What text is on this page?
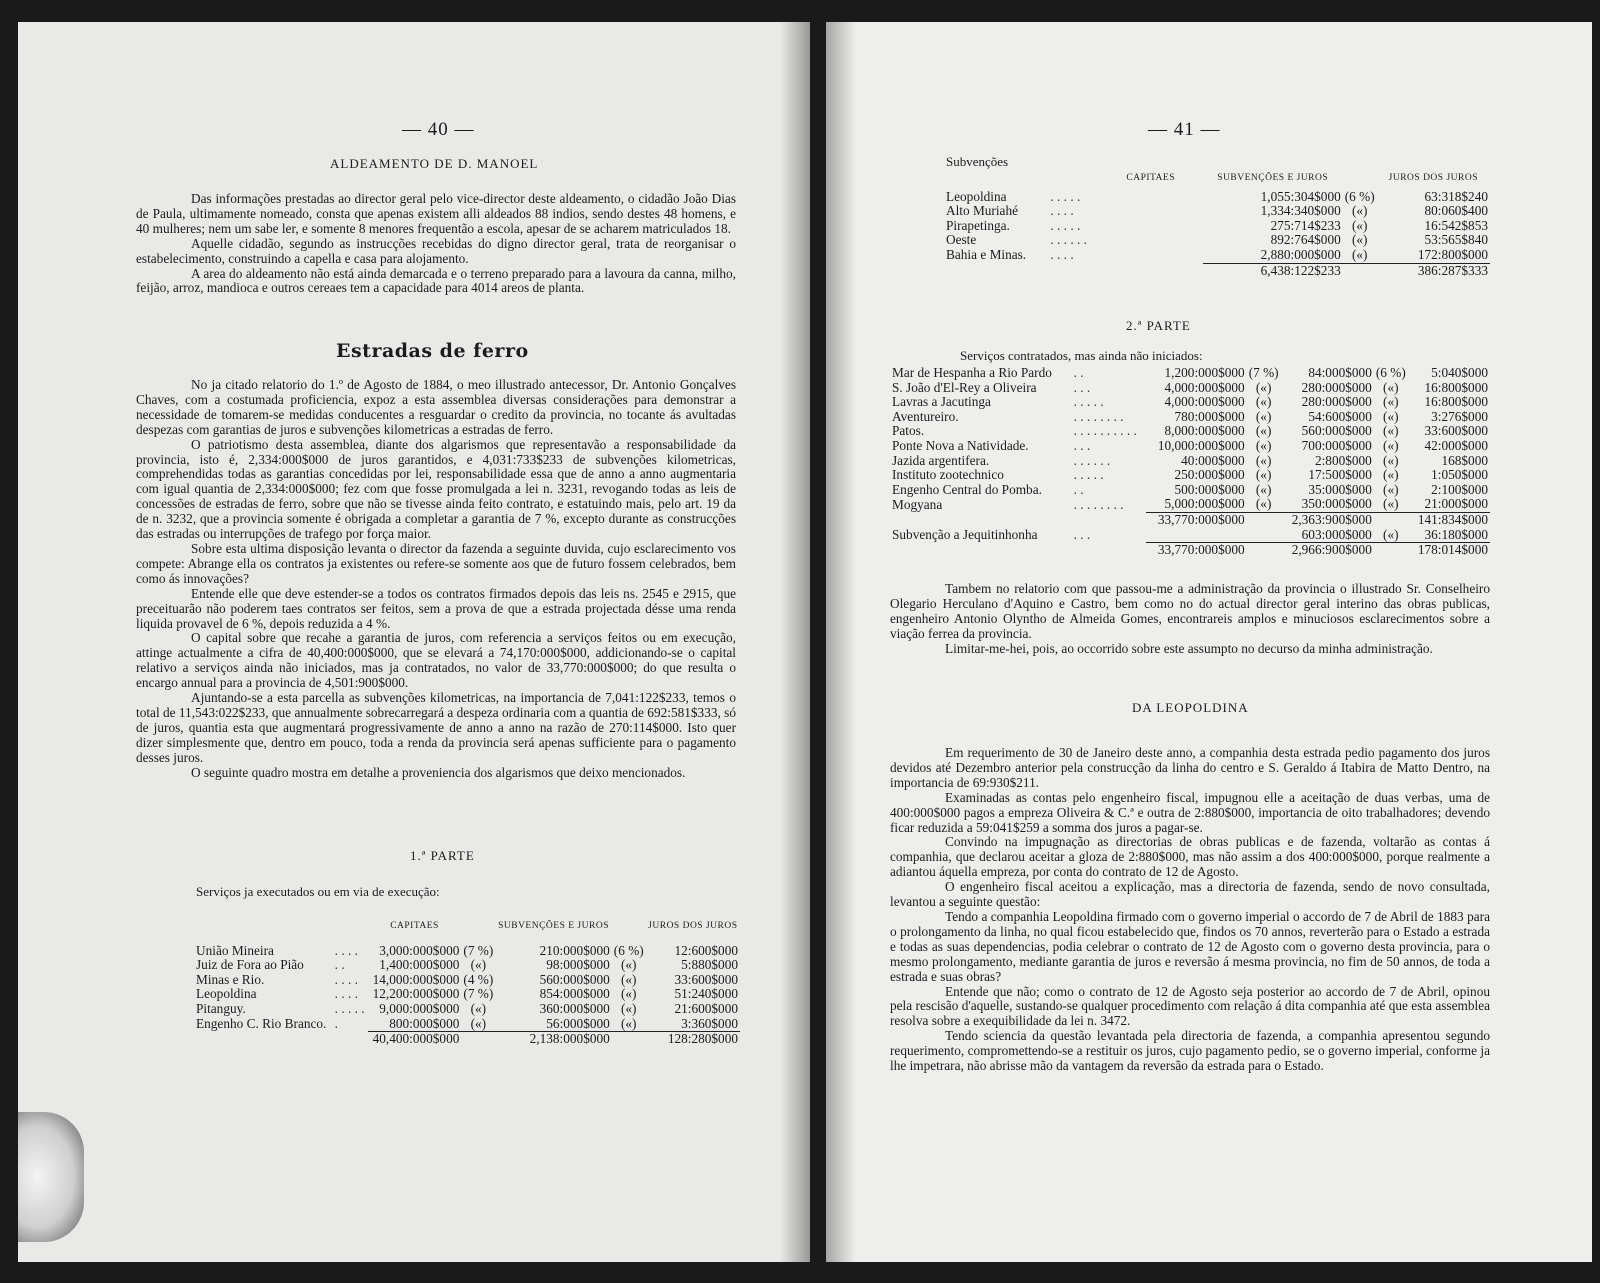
— 40 —
ALDEAMENTO DE D. MANOEL

Das informações prestadas ao director geral pelo vice-director deste aldeamento, o cidadão João Dias de Paula, ultimamente nomeado, consta que apenas existem alli aldeados 88 indios, sendo destes 48 homens, e 40 mulheres; nem um sabe ler, e somente 8 menores frequentão a escola, apesar de se acharem matriculados 18.

Aquelle cidadão, segundo as instrucções recebidas do digno director geral, trata de reorganisar o estabelecimento, construindo a capella e casa para alojamento.

A area do aldeamento não está ainda demarcada e o terreno preparado para a lavoura da canna, milho, feijão, arroz, mandioca e outros cereaes tem a capacidade para 4014 areos de planta.

Estradas de ferro

No ja citado relatorio do 1.º de Agosto de 1884, o meo illustrado antecessor, Dr. Antonio Gonçalves Chaves, com a costumada proficiencia, expoz a esta assemblea diversas considerações para demonstrar a necessidade de tomarem-se medidas conducentes a resguardar o credito da provincia, no tocante ás avultadas despezas com garantias de juros e subvenções kilometricas a estradas de ferro.

O patriotismo desta assemblea, diante dos algarismos que representavão a responsabilidade da provincia, isto é, 2,334:000$000 de juros garantidos, e 4,031:733$233 de subvenções kilometricas, comprehendidas todas as garantias concedidas por lei, responsabilidade essa que de anno a anno augmentaria com igual quantia de 2,334:000$000; fez com que fosse promulgada a lei n. 3231, revogando todas as leis de concessões de estradas de ferro, sobre que não se tivesse ainda feito contrato, e estatuindo mais, pelo art. 19 da de n. 3232, que a provincia somente é obrigada a completar a garantia de 7 %, excepto durante as construcções das estradas ou interrupções de trafego por força maior.

Sobre esta ultima disposição levanta o director da fazenda a seguinte duvida, cujo esclarecimento vos compete: Abrange ella os contratos ja existentes ou refere-se somente aos que de futuro fossem celebrados, bem como ás innovações?

Entende elle que deve estender-se a todos os contratos firmados depois das leis ns. 2545 e 2915, que preceituarão não poderem taes contratos ser feitos, sem a prova de que a estrada projectada désse uma renda liquida provavel de 6 %, depois reduzida a 4 %.

O capital sobre que recahe a garantia de juros, com referencia a serviços feitos ou em execução, attinge actualmente a cifra de 40,400:000$000, que se elevará a 74,170:000$000, addicionando-se o capital relativo a serviços ainda não iniciados, mas ja contratados, no valor de 33,770:000$000; do que resulta o encargo annual para a provincia de 4,501:900$000.

Ajuntando-se a esta parcella as subvenções kilometricas, na importancia de 7,041:122$233, temos o total de 11,543:022$233, que annualmente sobrecarregará a despeza ordinaria com a quantia de 692:581$333, só de juros, quantia esta que augmentará progressivamente de anno a anno na razão de 270:114$000. Isto quer dizer simplesmente que, dentro em pouco, toda a renda da provincia será apenas sufficiente para o pagamento desses juros.

O seguinte quadro mostra em detalhe a proveniencia dos algarismos que deixo mencionados.

1.ª PARTE
Serviços ja executados ou em via de execução:
		CAPITAES		SUBVENÇÕES E JUROS		JUROS DOS JUROS

União Mineira	. . . .	3,000:000$000	(7 %)	210:000$000	(6 %)	12:600$000
Juiz de Fora ao Pião	. .	1,400:000$000	(«)	98:000$000	(«)	5:880$000
Minas e Rio.	. . . .	14,000:000$000	(4 %)	560:000$000	(«)	33:600$000
Leopoldina	. . . .	12,200:000$000	(7 %)	854:000$000	(«)	51:240$000
Pitanguy.	. . . . .	9,000:000$000	(«)	360:000$000	(«)	21:600$000
Engenho C. Rio Branco.	.	800:000$000	(«)	56:000$000	(«)	3:360$000
		40,400:000$000		2,138:000$000		128:280$000
— 41 —
Subvenções
		CAPITAES	SUBVENÇÕES E JUROS		JUROS DOS JUROS
Leopoldina	. . . . .		1,055:304$000	(6 %)	63:318$240
Alto Muriahé	. . . .		1,334:340$000	(«)	80:060$400
Pirapetinga.	. . . . .		275:714$233	(«)	16:542$853
Oeste	. . . . . .		892:764$000	(«)	53:565$840
Bahia e Minas.	. . . .		2,880:000$000	(«)	172:800$000
			6,438:122$233		386:287$333
2.ª PARTE
Serviços contratados, mas ainda não iniciados:
Mar de Hespanha a Rio Pardo	. .	1,200:000$000	(7 %)	84:000$000	(6 %)	5:040$000
S. João d'El-Rey a Oliveira	. . .	4,000:000$000	(«)	280:000$000	(«)	16:800$000
Lavras a Jacutinga	. . . . .	4,000:000$000	(«)	280:000$000	(«)	16:800$000
Aventureiro.	. . . . . . . .	780:000$000	(«)	54:600$000	(«)	3:276$000
Patos.	. . . . . . . . . .	8,000:000$000	(«)	560:000$000	(«)	33:600$000
Ponte Nova a Natividade.	. . .	10,000:000$000	(«)	700:000$000	(«)	42:000$000
Jazida argentifera.	. . . . . .	40:000$000	(«)	2:800$000	(«)	168$000
Instituto zootechnico	. . . . .	250:000$000	(«)	17:500$000	(«)	1:050$000
Engenho Central do Pomba.	. .	500:000$000	(«)	35:000$000	(«)	2:100$000
Mogyana	. . . . . . . .	5,000:000$000	(«)	350:000$000	(«)	21:000$000
		33,770:000$000		2,363:900$000		141:834$000
Subvenção a Jequitinhonha	. . .			603:000$000	(«)	36:180$000
		33,770:000$000		2,966:900$000		178:014$000

Tambem no relatorio com que passou-me a administração da provincia o illustrado Sr. Conselheiro Olegario Herculano d'Aquino e Castro, bem como no do actual director geral interino das obras publicas, engenheiro Antonio Olyntho de Almeida Gomes, encontrareis amplos e minuciosos esclarecimentos sobre a viação ferrea da provincia.

Limitar-me-hei, pois, ao occorrido sobre este assumpto no decurso da minha administração.

DA LEOPOLDINA

Em requerimento de 30 de Janeiro deste anno, a companhia desta estrada pedio pagamento dos juros devidos até Dezembro anterior pela construcção da linha do centro e S. Geraldo á Itabira de Matto Dentro, na importancia de 69:930$211.

Examinadas as contas pelo engenheiro fiscal, impugnou elle a aceitação de duas verbas, uma de 400:000$000 pagos a empreza Oliveira & C.ª e outra de 2:880$000, importancia de oito trabalhadores; devendo ficar reduzida a 59:041$259 a somma dos juros a pagar-se.

Convindo na impugnação as directorias de obras publicas e de fazenda, voltarão as contas á companhia, que declarou aceitar a gloza de 2:880$000, mas não assim a dos 400:000$000, porque realmente a adiantou áquella empreza, por conta do contrato de 12 de Agosto.

O engenheiro fiscal aceitou a explicação, mas a directoria de fazenda, sendo de novo consultada, levantou a seguinte questão:

Tendo a companhia Leopoldina firmado com o governo imperial o accordo de 7 de Abril de 1883 para o prolongamento da linha, no qual ficou estabelecido que, findos os 70 annos, reverterão para o Estado a estrada e todas as suas dependencias, podia celebrar o contrato de 12 de Agosto com o governo desta provincia, para o mesmo prolongamento, mediante garantia de juros e reversão á mesma provincia, no fim de 50 annos, de toda a estrada e suas obras?

Entende que não; como o contrato de 12 de Agosto seja posterior ao accordo de 7 de Abril, opinou pela rescisão d'aquelle, sustando-se qualquer procedimento com relação á dita companhia até que esta assemblea resolva sobre a exequibilidade da lei n. 3472.

Tendo sciencia da questão levantada pela directoria de fazenda, a companhia apresentou segundo requerimento, compromettendo-se a restituir os juros, cujo pagamento pedio, se o governo imperial, conforme ja lhe impetrara, não abrisse mão da vantagem da reversão da estrada para o Estado.
